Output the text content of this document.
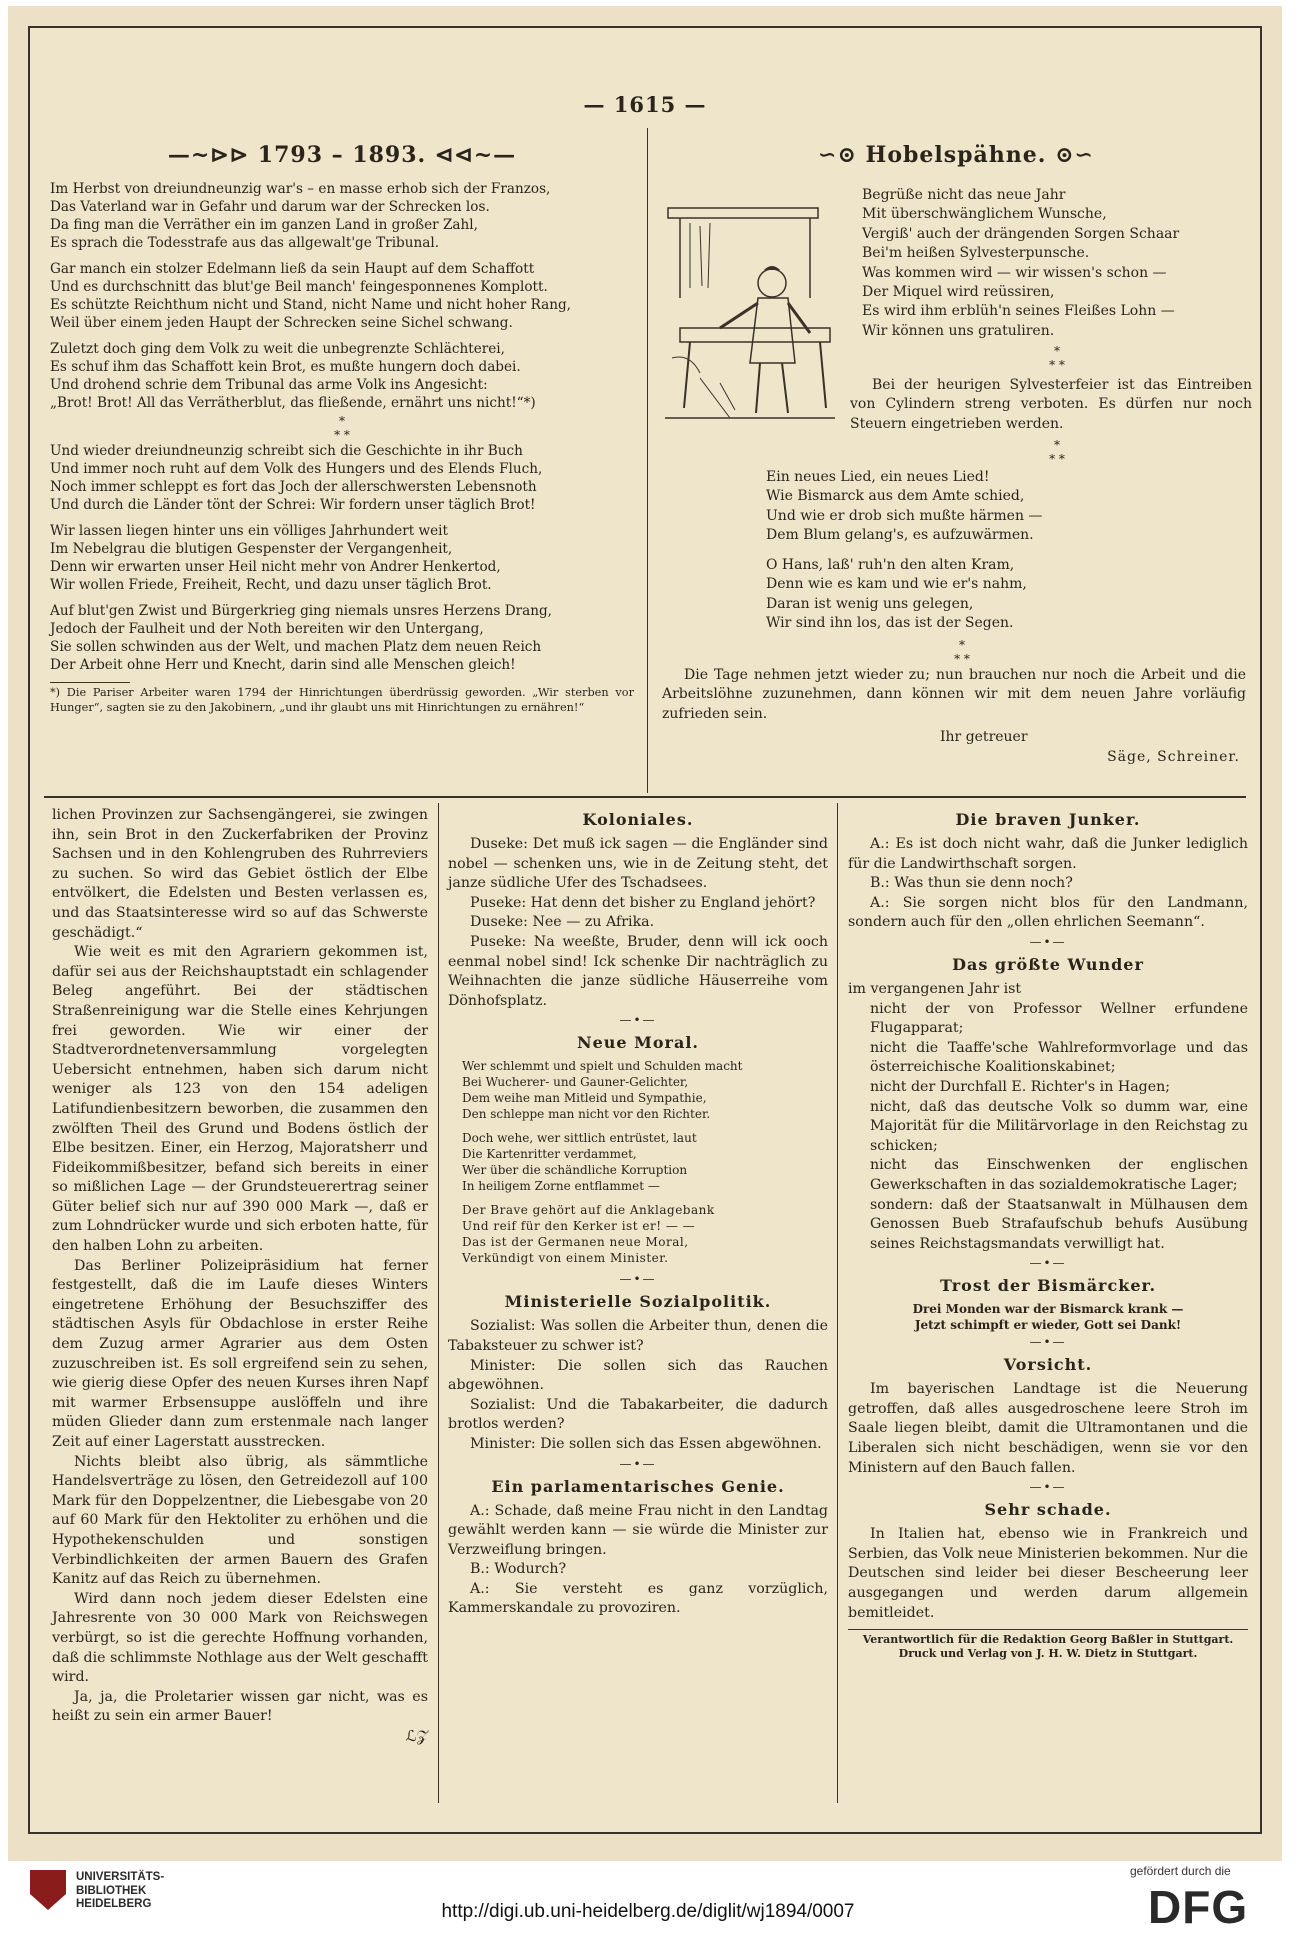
— 1615 —
—~⊳⊳ 1793 – 1893. ⊲⊲~—

Im Herbst von dreiundneunzig war's – en masse erhob sich der Franzos,
Das Vaterland war in Gefahr und darum war der Schrecken los.
Da fing man die Verräther ein im ganzen Land in großer Zahl,
Es sprach die Todesstrafe aus das allgewalt'ge Tribunal.

Gar manch ein stolzer Edelmann ließ da sein Haupt auf dem Schaffott
Und es durchschnitt das blut'ge Beil manch' feingesponnenes Komplott.
Es schützte Reichthum nicht und Stand, nicht Name und nicht hoher Rang,
Weil über einem jeden Haupt der Schrecken seine Sichel schwang.

Zuletzt doch ging dem Volk zu weit die unbegrenzte Schlächterei,
Es schuf ihm das Schaffott kein Brot, es mußte hungern doch dabei.
Und drohend schrie dem Tribunal das arme Volk ins Angesicht:
„Brot! Brot! All das Verrätherblut, das fließende, ernährt uns nicht!“*)

*
* *

Und wieder dreiundneunzig schreibt sich die Geschichte in ihr Buch
Und immer noch ruht auf dem Volk des Hungers und des Elends Fluch,
Noch immer schleppt es fort das Joch der allerschwersten Lebensnoth
Und durch die Länder tönt der Schrei: Wir fordern unser täglich Brot!

Wir lassen liegen hinter uns ein völliges Jahrhundert weit
Im Nebelgrau die blutigen Gespenster der Vergangenheit,
Denn wir erwarten unser Heil nicht mehr von Andrer Henkertod,
Wir wollen Friede, Freiheit, Recht, und dazu unser täglich Brot.

Auf blut'gen Zwist und Bürgerkrieg ging niemals unsres Herzens Drang,
Jedoch der Faulheit und der Noth bereiten wir den Untergang,
Sie sollen schwinden aus der Welt, und machen Platz dem neuen Reich
Der Arbeit ohne Herr und Knecht, darin sind alle Menschen gleich!

*) Die Pariser Arbeiter waren 1794 der Hinrichtungen überdrüssig geworden. „Wir sterben vor Hunger“, sagten sie zu den Jakobinern, „und ihr glaubt uns mit Hinrichtungen zu ernähren!“

∽⊙ Hobelspähne. ⊙∽

Begrüße nicht das neue Jahr
Mit überschwänglichem Wunsche,
Vergiß' auch der drängenden Sorgen Schaar
Bei'm heißen Sylvesterpunsche.
Was kommen wird — wir wissen's schon —
Der Miquel wird reüssiren,
Es wird ihm erblüh'n seines Fleißes Lohn —
Wir können uns gratuliren.

*
* *

Bei der heurigen Sylvesterfeier ist das Eintreiben von Cylindern streng verboten. Es dürfen nur noch Steuern eingetrieben werden.

*
* *

Ein neues Lied, ein neues Lied!
Wie Bismarck aus dem Amte schied,
Und wie er drob sich mußte härmen —
Dem Blum gelang's, es aufzuwärmen.

O Hans, laß' ruh'n den alten Kram,
Denn wie es kam und wie er's nahm,
Daran ist wenig uns gelegen,
Wir sind ihn los, das ist der Segen.

*
* *

Die Tage nehmen jetzt wieder zu; nun brauchen nur noch die Arbeit und die Arbeitslöhne zuzunehmen, dann können wir mit dem neuen Jahre vorläufig zufrieden sein.

Ihr getreuer

Säge, Schreiner.

lichen Provinzen zur Sachsengängerei, sie zwingen ihn, sein Brot in den Zuckerfabriken der Provinz Sachsen und in den Kohlengruben des Ruhrreviers zu suchen. So wird das Gebiet östlich der Elbe entvölkert, die Edelsten und Besten verlassen es, und das Staatsinteresse wird so auf das Schwerste geschädigt.“

Wie weit es mit den Agrariern gekommen ist, dafür sei aus der Reichshauptstadt ein schlagender Beleg angeführt. Bei der städtischen Straßenreinigung war die Stelle eines Kehrjungen frei geworden. Wie wir einer der Stadtverordnetenversammlung vorgelegten Uebersicht entnehmen, haben sich darum nicht weniger als 123 von den 154 adeligen Latifundienbesitzern beworben, die zusammen den zwölften Theil des Grund und Bodens östlich der Elbe besitzen. Einer, ein Herzog, Majoratsherr und Fideikommißbesitzer, befand sich bereits in einer so mißlichen Lage — der Grundsteuerertrag seiner Güter belief sich nur auf 390 000 Mark —, daß er zum Lohndrücker wurde und sich erboten hatte, für den halben Lohn zu arbeiten.

Das Berliner Polizeipräsidium hat ferner festgestellt, daß die im Laufe dieses Winters eingetretene Erhöhung der Besuchsziffer des städtischen Asyls für Obdachlose in erster Reihe dem Zuzug armer Agrarier aus dem Osten zuzuschreiben ist. Es soll ergreifend sein zu sehen, wie gierig diese Opfer des neuen Kurses ihren Napf mit warmer Erbsensuppe auslöffeln und ihre müden Glieder dann zum erstenmale nach langer Zeit auf einer Lagerstatt ausstrecken.

Nichts bleibt also übrig, als sämmtliche Handelsverträge zu lösen, den Getreidezoll auf 100 Mark für den Doppelzentner, die Liebesgabe von 20 auf 60 Mark für den Hektoliter zu erhöhen und die Hypothekenschulden und sonstigen Verbindlichkeiten der armen Bauern des Grafen Kanitz auf das Reich zu übernehmen.

Wird dann noch jedem dieser Edelsten eine Jahresrente von 30 000 Mark von Reichswegen verbürgt, so ist die gerechte Hoffnung vorhanden, daß die schlimmste Nothlage aus der Welt geschafft wird.

Ja, ja, die Proletarier wissen gar nicht, was es heißt zu sein ein armer Bauer!

ℒ𝒵
Koloniales.

Duseke: Det muß ick sagen — die Engländer sind nobel — schenken uns, wie in de Zeitung steht, det janze südliche Ufer des Tschadsees.

Puseke: Hat denn det bisher zu England jehört?

Duseke: Nee — zu Afrika.

Puseke: Na weeßte, Bruder, denn will ick ooch eenmal nobel sind! Ick schenke Dir nachträglich zu Weihnachten die janze südliche Häuserreihe vom Dönhofsplatz.

—•—
Neue Moral.

Wer schlemmt und spielt und Schulden macht
Bei Wucherer- und Gauner-Gelichter,
Dem weihe man Mitleid und Sympathie,
Den schleppe man nicht vor den Richter.

Doch wehe, wer sittlich entrüstet, laut
Die Kartenritter verdammet,
Wer über die schändliche Korruption
In heiligem Zorne entflammet —

Der Brave gehört auf die Anklagebank
Und reif für den Kerker ist er! — —
Das ist der Germanen neue Moral,
Verkündigt von einem Minister.

—•—
Ministerielle Sozialpolitik.

Sozialist: Was sollen die Arbeiter thun, denen die Tabaksteuer zu schwer ist?

Minister: Die sollen sich das Rauchen abgewöhnen.

Sozialist: Und die Tabakarbeiter, die dadurch brotlos werden?

Minister: Die sollen sich das Essen abgewöhnen.

—•—
Ein parlamentarisches Genie.

A.: Schade, daß meine Frau nicht in den Landtag gewählt werden kann — sie würde die Minister zur Verzweiflung bringen.

B.: Wodurch?

A.: Sie versteht es ganz vorzüglich, Kammerskandale zu provoziren.

Die braven Junker.

A.: Es ist doch nicht wahr, daß die Junker lediglich für die Landwirthschaft sorgen.

B.: Was thun sie denn noch?

A.: Sie sorgen nicht blos für den Landmann, sondern auch für den „ollen ehrlichen Seemann“.

—•—
Das größte Wunder

im vergangenen Jahr ist

nicht der von Professor Wellner erfundene Flugapparat;

nicht die Taaffe'sche Wahlreformvorlage und das österreichische Koalitionskabinet;

nicht der Durchfall E. Richter's in Hagen;

nicht, daß das deutsche Volk so dumm war, eine Majorität für die Militärvorlage in den Reichstag zu schicken;

nicht das Einschwenken der englischen Gewerkschaften in das sozialdemokratische Lager;

sondern: daß der Staatsanwalt in Mülhausen dem Genossen Bueb Strafaufschub behufs Ausübung seines Reichstagsmandats verwilligt hat.

—•—
Trost der Bismärcker.

Drei Monden war der Bismarck krank —
Jetzt schimpft er wieder, Gott sei Dank!

—•—
Vorsicht.

Im bayerischen Landtage ist die Neuerung getroffen, daß alles ausgedroschene leere Stroh im Saale liegen bleibt, damit die Ultramontanen und die Liberalen sich nicht beschädigen, wenn sie vor den Ministern auf den Bauch fallen.

—•—
Sehr schade.

In Italien hat, ebenso wie in Frankreich und Serbien, das Volk neue Ministerien bekommen. Nur die Deutschen sind leider bei dieser Bescheerung leer ausgegangen und werden darum allgemein bemitleidet.

Verantwortlich für die Redaktion Georg Baßler in Stuttgart.
Druck und Verlag von J. H. W. Dietz in Stuttgart.

UNIVERSITÄTS-
BIBLIOTHEK
HEIDELBERG	http://digi.ub.uni-heidelberg.de/diglit/wj1894/0007
gefördert durch die
DFG
